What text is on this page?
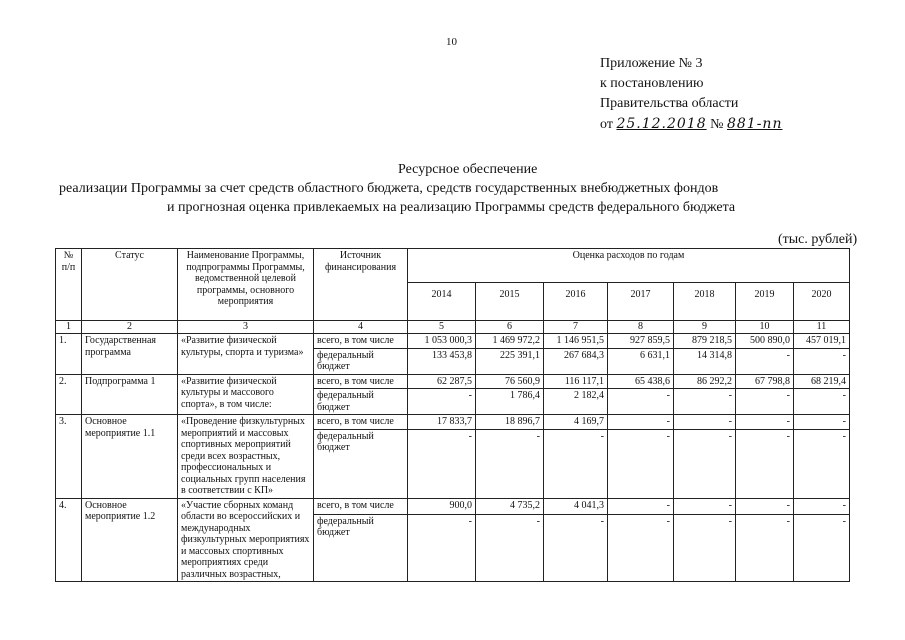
10
Приложение № 3
к постановлению
Правительства области
от 25.12.2018 № 881-пп
Ресурсное обеспечение
реализации Программы за счет средств областного бюджета, средств государственных внебюджетных фондов
и прогнозная оценка привлекаемых на реализацию Программы средств федерального бюджета
(тыс. рублей)
№ п/п	Статус	Наименование Программы, подпрограммы Программы, ведомственной целевой программы, основного мероприятия	Источник финансирования	Оценка расходов по годам						
				2014	2015	2016	2017	2018	2019	2020
1	2	3	4	5	6	7	8	9	10	11
1.	Государственная программа	«Развитие физической культуры, спорта и туризма»	всего, в том числе	1 053 000,3	1 469 972,2	1 146 951,5	927 859,5	879 218,5	500 890,0	457 019,1
			федеральный бюджет	133 453,8	225 391,1	267 684,3	6 631,1	14 314,8	-	-
2.	Подпрограмма 1	«Развитие физической культуры и массового спорта», в том числе:	всего, в том числе	62 287,5	76 560,9	116 117,1	65 438,6	86 292,2	67 798,8	68 219,4
			федеральный бюджет	-	1 786,4	2 182,4	-	-	-	-
3.	Основное мероприятие 1.1	«Проведение физкультурных мероприятий и массовых спортивных мероприятий среди всех возрастных, профессиональных и социальных групп населения в соответствии с КП»	всего, в том числе	17 833,7	18 896,7	4 169,7	-	-	-	-
			федеральный бюджет	-	-	-	-	-	-	-
4.	Основное мероприятие 1.2	«Участие сборных команд области во всероссийских и международных физкультурных мероприятиях и массовых спортивных мероприятиях среди различных возрастных,	всего, в том числе	900,0	4 735,2	4 041,3	-	-	-	-
			федеральный бюджет	-	-	-	-	-	-	-
